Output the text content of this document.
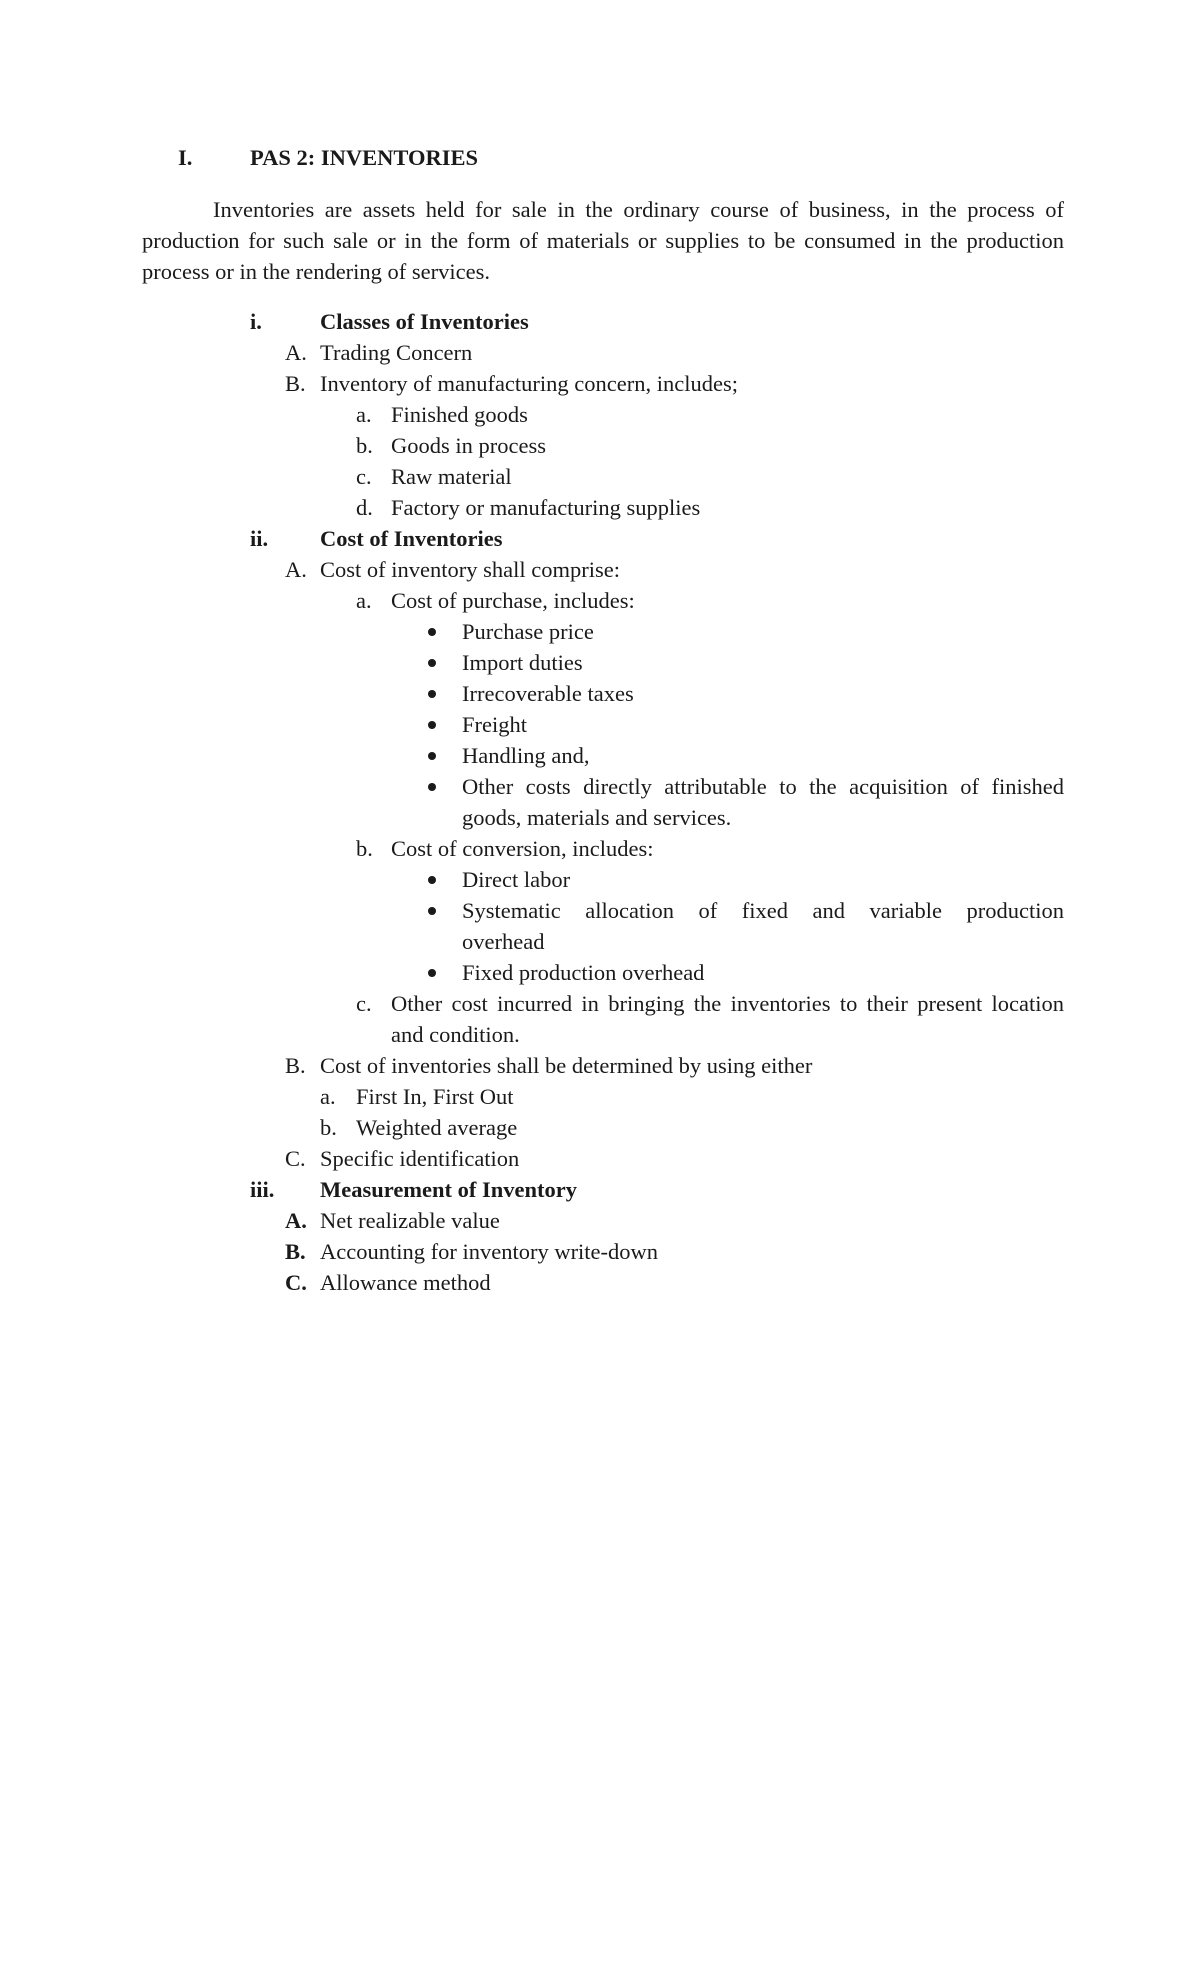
I.	PAS 2: INVENTORIES
Inventories are assets held for sale in the ordinary course of business, in the process of
production for such sale or in the form of materials or supplies to be consumed in the production
process or in the rendering of services.
i.	Classes of Inventories
A. Trading Concern
B. Inventory of manufacturing concern, includes;
a. Finished goods
b. Goods in process
c. Raw material
d. Factory or manufacturing supplies
ii. Cost of Inventories
A. Cost of inventory shall comprise:
a. Cost of purchase, includes:
Purchase price
Import duties
Irrecoverable taxes
Freight
Handling and,
Other costs directly attributable to the acquisition of finished
goods, materials and services.
b. Cost of conversion, includes:
Direct labor
Systematic allocation of fixed and variable production
overhead
Fixed production overhead
c. Other cost incurred in bringing the inventories to their present location
and condition.
B. Cost of inventories shall be determined by using either
a. First In, First Out
b. Weighted average
C. Specific identification
iii. Measurement of Inventory
A. Net realizable value
B. Accounting for inventory write-down
C. Allowance method
